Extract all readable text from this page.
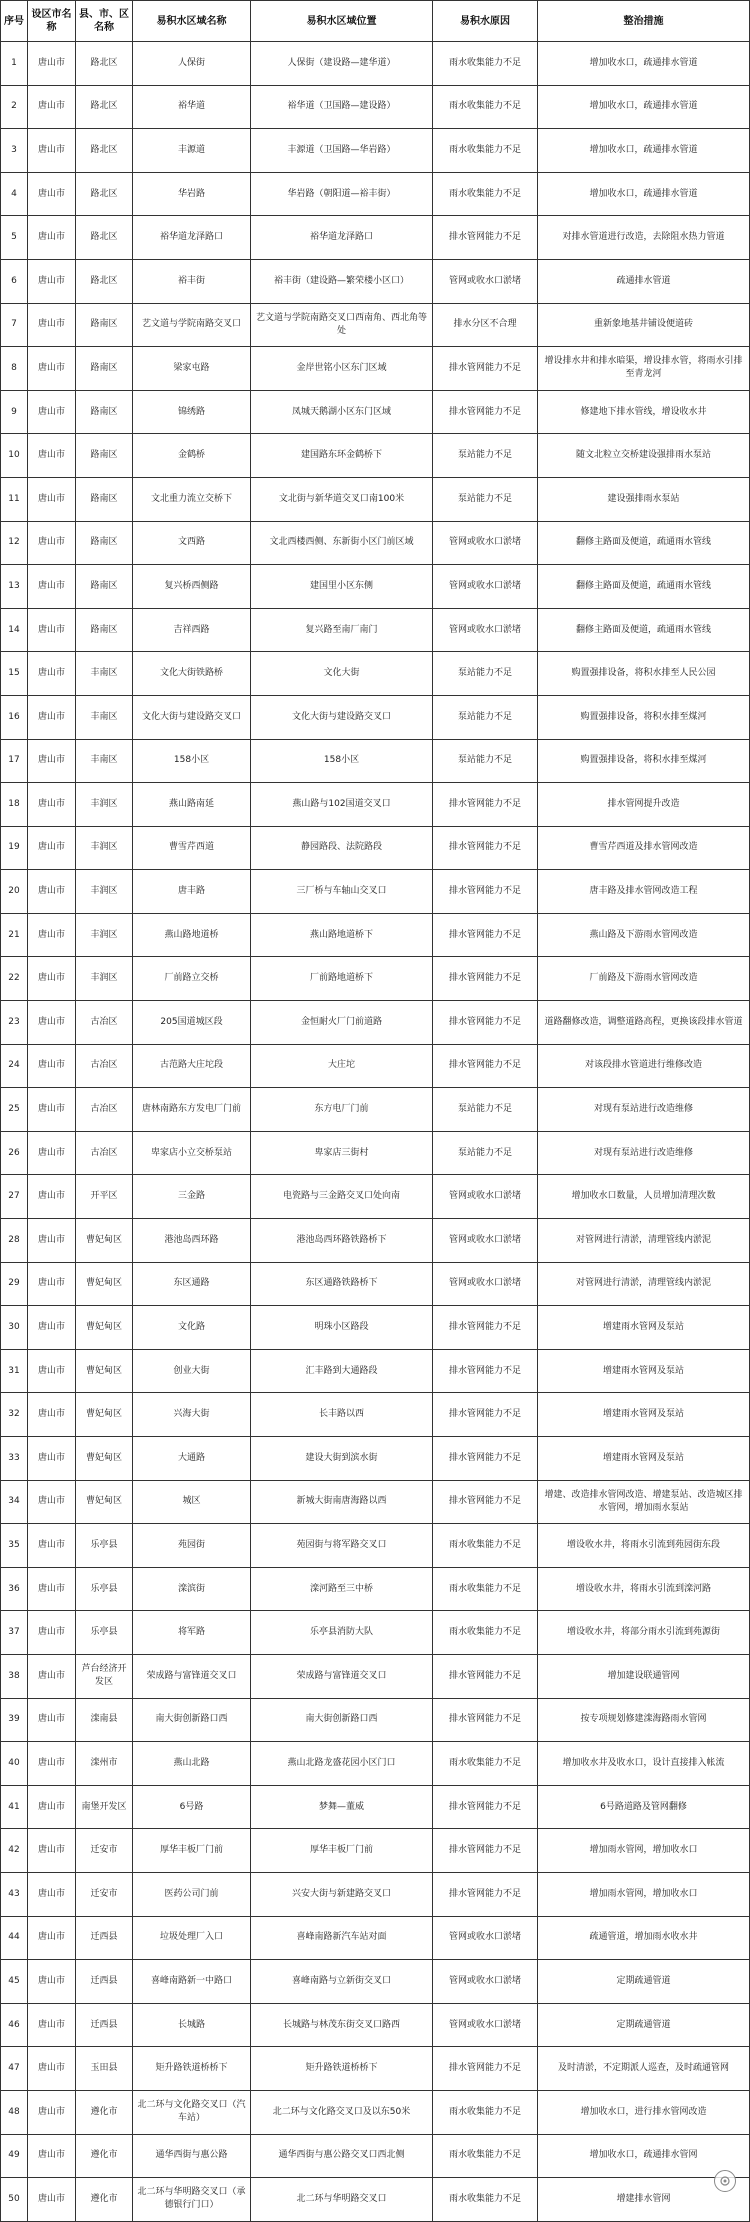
序号	设区市名称	县、市、区名称	易积水区域名称	易积水区域位置	易积水原因	整治措施
1	唐山市	路北区	人保街	人保街（建设路—建华道）	雨水收集能力不足	增加收水口，疏通排水管道
2	唐山市	路北区	裕华道	裕华道（卫国路—建设路）	雨水收集能力不足	增加收水口，疏通排水管道
3	唐山市	路北区	丰源道	丰源道（卫国路—华岩路）	雨水收集能力不足	增加收水口，疏通排水管道
4	唐山市	路北区	华岩路	华岩路（朝阳道—裕丰街）	雨水收集能力不足	增加收水口，疏通排水管道
5	唐山市	路北区	裕华道龙泽路口	裕华道龙泽路口	排水管网能力不足	对排水管道进行改造，去除阻水热力管道
6	唐山市	路北区	裕丰街	裕丰街（建设路—繁荣楼小区口）	管网或收水口淤堵	疏通排水管道
7	唐山市	路南区	艺文道与学院南路交叉口	艺文道与学院南路交叉口西南角、西北角等处	排水分区不合理	重新象地基井铺设便道砖
8	唐山市	路南区	梁家屯路	金岸世铭小区东门区域	排水管网能力不足	增设排水井和排水暗渠，增设排水管，将雨水引排至青龙河
9	唐山市	路南区	锦绣路	凤城天鹅湖小区东门区域	排水管网能力不足	修建地下排水管线，增设收水井
10	唐山市	路南区	金鹤桥	建国路东环金鹤桥下	泵站能力不足	随文北粒立交桥建设强排雨水泵站
11	唐山市	路南区	文北重力流立交桥下	文北街与新华道交叉口南100米	泵站能力不足	建设强排雨水泵站
12	唐山市	路南区	文西路	文北西楼西侧、东新街小区门前区域	管网或收水口淤堵	翻修主路面及便道，疏通雨水管线
13	唐山市	路南区	复兴桥西侧路	建国里小区东侧	管网或收水口淤堵	翻修主路面及便道，疏通雨水管线
14	唐山市	路南区	吉祥西路	复兴路至南厂南门	管网或收水口淤堵	翻修主路面及便道，疏通雨水管线
15	唐山市	丰南区	文化大街铁路桥	文化大街	泵站能力不足	购置强排设备，将积水排至人民公园
16	唐山市	丰南区	文化大街与建设路交叉口	文化大街与建设路交叉口	泵站能力不足	购置强排设备，将积水排至煤河
17	唐山市	丰南区	158小区	158小区	泵站能力不足	购置强排设备，将积水排至煤河
18	唐山市	丰润区	燕山路南延	燕山路与102国道交叉口	排水管网能力不足	排水管网提升改造
19	唐山市	丰润区	曹雪芹西道	静园路段、法院路段	排水管网能力不足	曹雪芹西道及排水管网改造
20	唐山市	丰润区	唐丰路	三厂桥与车轴山交叉口	排水管网能力不足	唐丰路及排水管网改造工程
21	唐山市	丰润区	燕山路地道桥	燕山路地道桥下	排水管网能力不足	燕山路及下游雨水管网改造
22	唐山市	丰润区	厂前路立交桥	厂前路地道桥下	排水管网能力不足	厂前路及下游雨水管网改造
23	唐山市	古冶区	205国道城区段	金恒耐火厂门前道路	排水管网能力不足	道路翻修改造，调整道路高程，更换该段排水管道
24	唐山市	古冶区	古范路大庄坨段	大庄坨	排水管网能力不足	对该段排水管道进行维修改造
25	唐山市	古冶区	唐林南路东方发电厂门前	东方电厂门前	泵站能力不足	对现有泵站进行改造维修
26	唐山市	古冶区	卑家店小立交桥泵站	卑家店三街村	泵站能力不足	对现有泵站进行改造维修
27	唐山市	开平区	三金路	电瓷路与三金路交叉口处向南	管网或收水口淤堵	增加收水口数量，人员增加清理次数
28	唐山市	曹妃甸区	港池岛西环路	港池岛西环路铁路桥下	管网或收水口淤堵	对管网进行清淤，清理管线内淤泥
29	唐山市	曹妃甸区	东区通路	东区通路铁路桥下	管网或收水口淤堵	对管网进行清淤，清理管线内淤泥
30	唐山市	曹妃甸区	文化路	明珠小区路段	排水管网能力不足	增建雨水管网及泵站
31	唐山市	曹妃甸区	创业大街	汇丰路到大通路段	排水管网能力不足	增建雨水管网及泵站
32	唐山市	曹妃甸区	兴海大街	长丰路以西	排水管网能力不足	增建雨水管网及泵站
33	唐山市	曹妃甸区	大通路	建设大街到滨水街	排水管网能力不足	增建雨水管网及泵站
34	唐山市	曹妃甸区	城区	新城大街南唐海路以西	排水管网能力不足	增建、改造排水管网改造、增建泵站、改造城区排水管网，增加雨水泵站
35	唐山市	乐亭县	苑园街	苑园街与将军路交叉口	雨水收集能力不足	增设收水井，将雨水引流到苑园街东段
36	唐山市	乐亭县	滦滨街	滦河路至三中桥	雨水收集能力不足	增设收水井，将雨水引流到滦河路
37	唐山市	乐亭县	将军路	乐亭县消防大队	雨水收集能力不足	增设收水井，将部分雨水引流到苑源街
38	唐山市	芦台经济开发区	荣成路与富锋道交叉口	荣成路与富锋道交叉口	排水管网能力不足	增加建设联通管网
39	唐山市	滦南县	南大街创新路口西	南大街创新路口西	排水管网能力不足	按专项规划修建滦海路雨水管网
40	唐山市	滦州市	燕山北路	燕山北路龙盛花园小区门口	雨水收集能力不足	增加收水井及收水口，设计直接排入帐流
41	唐山市	南堡开发区	6号路	梦舞—董威	排水管网能力不足	6号路道路及管网翻修
42	唐山市	迁安市	厚华丰板厂门前	厚华丰板厂门前	排水管网能力不足	增加雨水管网，增加收水口
43	唐山市	迁安市	医药公司门前	兴安大街与新建路交叉口	排水管网能力不足	增加雨水管网，增加收水口
44	唐山市	迁西县	垃圾处理厂入口	喜峰南路新汽车站对面	管网或收水口淤堵	疏通管道，增加雨水收水井
45	唐山市	迁西县	喜峰南路新一中路口	喜峰南路与立新街交叉口	管网或收水口淤堵	定期疏通管道
46	唐山市	迁西县	长城路	长城路与林茂东街交叉口路西	管网或收水口淤堵	定期疏通管道
47	唐山市	玉田县	矩升路铁道桥桥下	矩升路铁道桥桥下	排水管网能力不足	及时清淤，不定期派人巡查，及时疏通管网
48	唐山市	遵化市	北二环与文化路交叉口（汽车站）	北二环与文化路交叉口及以东50米	雨水收集能力不足	增加收水口，进行排水管网改造
49	唐山市	遵化市	通华西街与惠公路	通华西街与惠公路交叉口西北侧	雨水收集能力不足	增加收水口，疏通排水管网
50	唐山市	遵化市	北二环与华明路交叉口（承德银行门口）	北二环与华明路交叉口	雨水收集能力不足	增建排水管网
